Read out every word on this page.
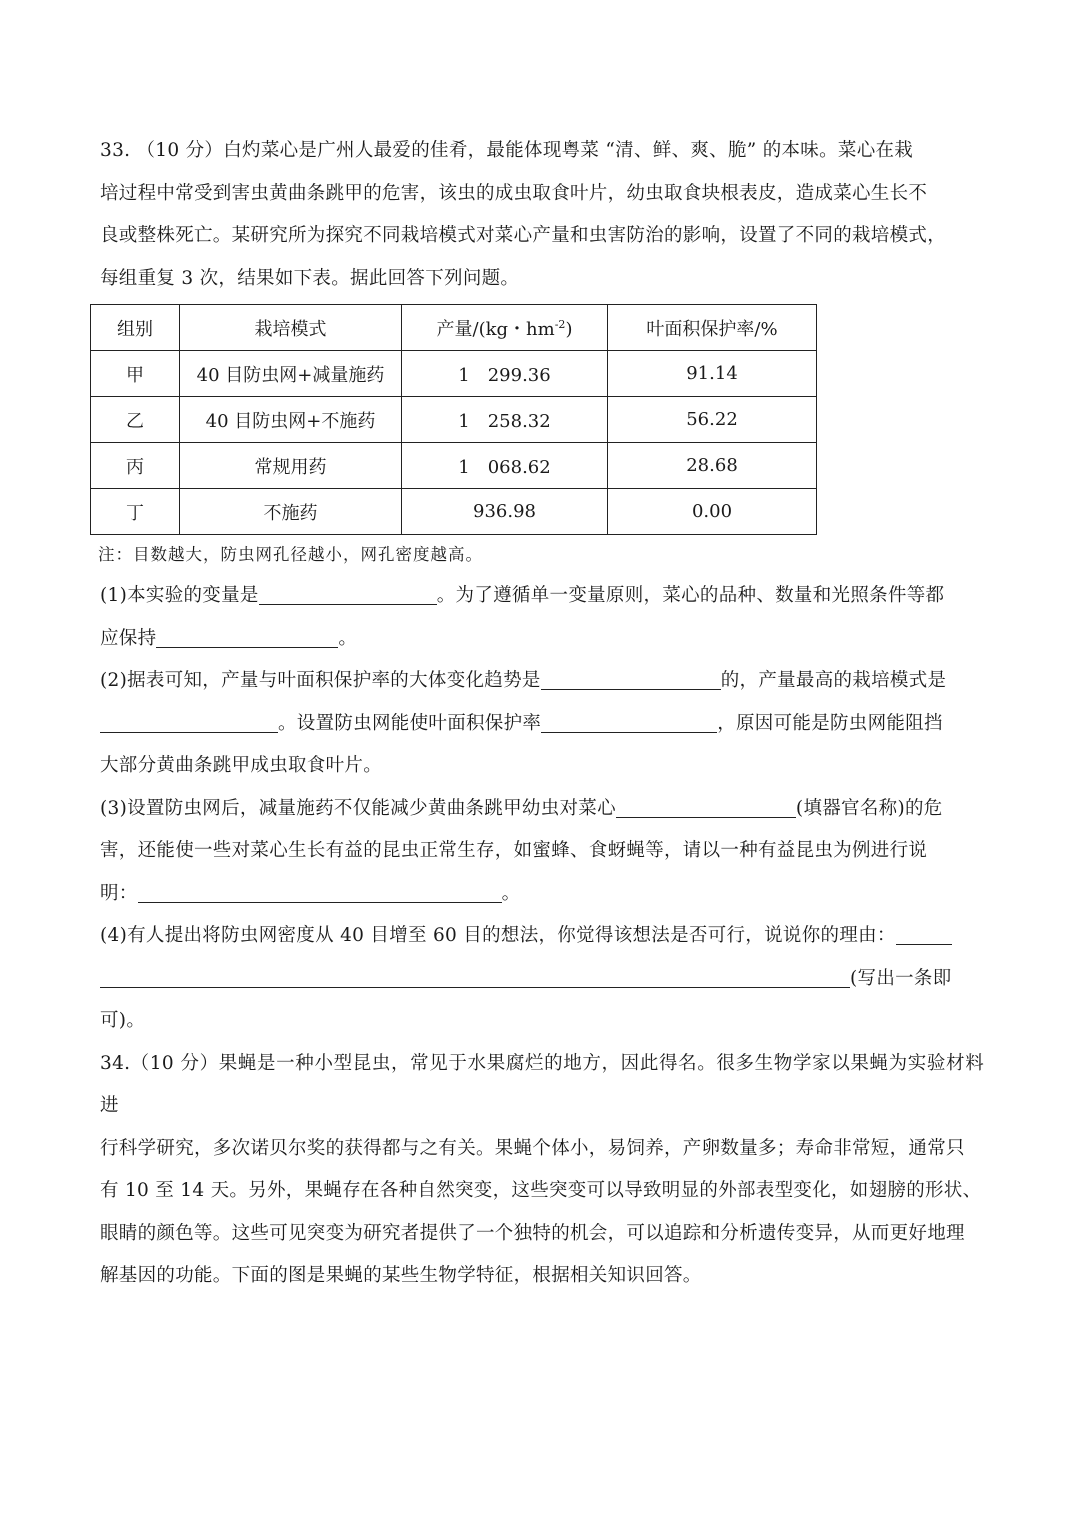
33. （10 分）白灼菜心是广州人最爱的佳肴，最能体现粤菜 “清、鲜、爽、脆” 的本味。菜心在栽

培过程中常受到害虫黄曲条跳甲的危害，该虫的成虫取食叶片，幼虫取食块根表皮，造成菜心生长不

良或整株死亡。某研究所为探究不同栽培模式对菜心产量和虫害防治的影响，设置了不同的栽培模式，

每组重复 3 次，结果如下表。据此回答下列问题。

组别	栽培模式	产量/(kg・$hm^{-2}$)	叶面积保护率/%
甲	40 目防虫网+减量施药	1　299.36	91.14
乙	40 目防虫网+不施药	1　258.32	56.22
丙	常规用药	1　068.62	28.68
丁	不施药	936.98	0.00

注：目数越大，防虫网孔径越小，网孔密度越高。

(1)本实验的变量是	。为了遵循单一变量原则，菜心的品种、数量和光照条件等都

应保持	。

(2)据表可知，产量与叶面积保护率的大体变化趋势是	的，产量最高的栽培模式是

。设置防虫网能使叶面积保护率	，原因可能是防虫网能阻挡

大部分黄曲条跳甲成虫取食叶片。

(3)设置防虫网后，减量施药不仅能减少黄曲条跳甲幼虫对菜心	(填器官名称)的危

害，还能使一些对菜心生长有益的昆虫正常生存，如蜜蜂、食蚜蝇等，请以一种有益昆虫为例进行说

明：	。

(4)有人提出将防虫网密度从 40 目增至 60 目的想法，你觉得该想法是否可行，说说你的理由：

(写出一条即

可)。

34.（10 分）果蝇是一种小型昆虫，常见于水果腐烂的地方，因此得名。很多生物学家以果蝇为实验材料进

行科学研究，多次诺贝尔奖的获得都与之有关。果蝇个体小，易饲养，产卵数量多；寿命非常短，通常只

有 10 至 14 天。另外，果蝇存在各种自然突变，这些突变可以导致明显的外部表型变化，如翅膀的形状、

眼睛的颜色等。这些可见突变为研究者提供了一个独特的机会，可以追踪和分析遗传变异，从而更好地理

解基因的功能。下面的图是果蝇的某些生物学特征，根据相关知识回答。
